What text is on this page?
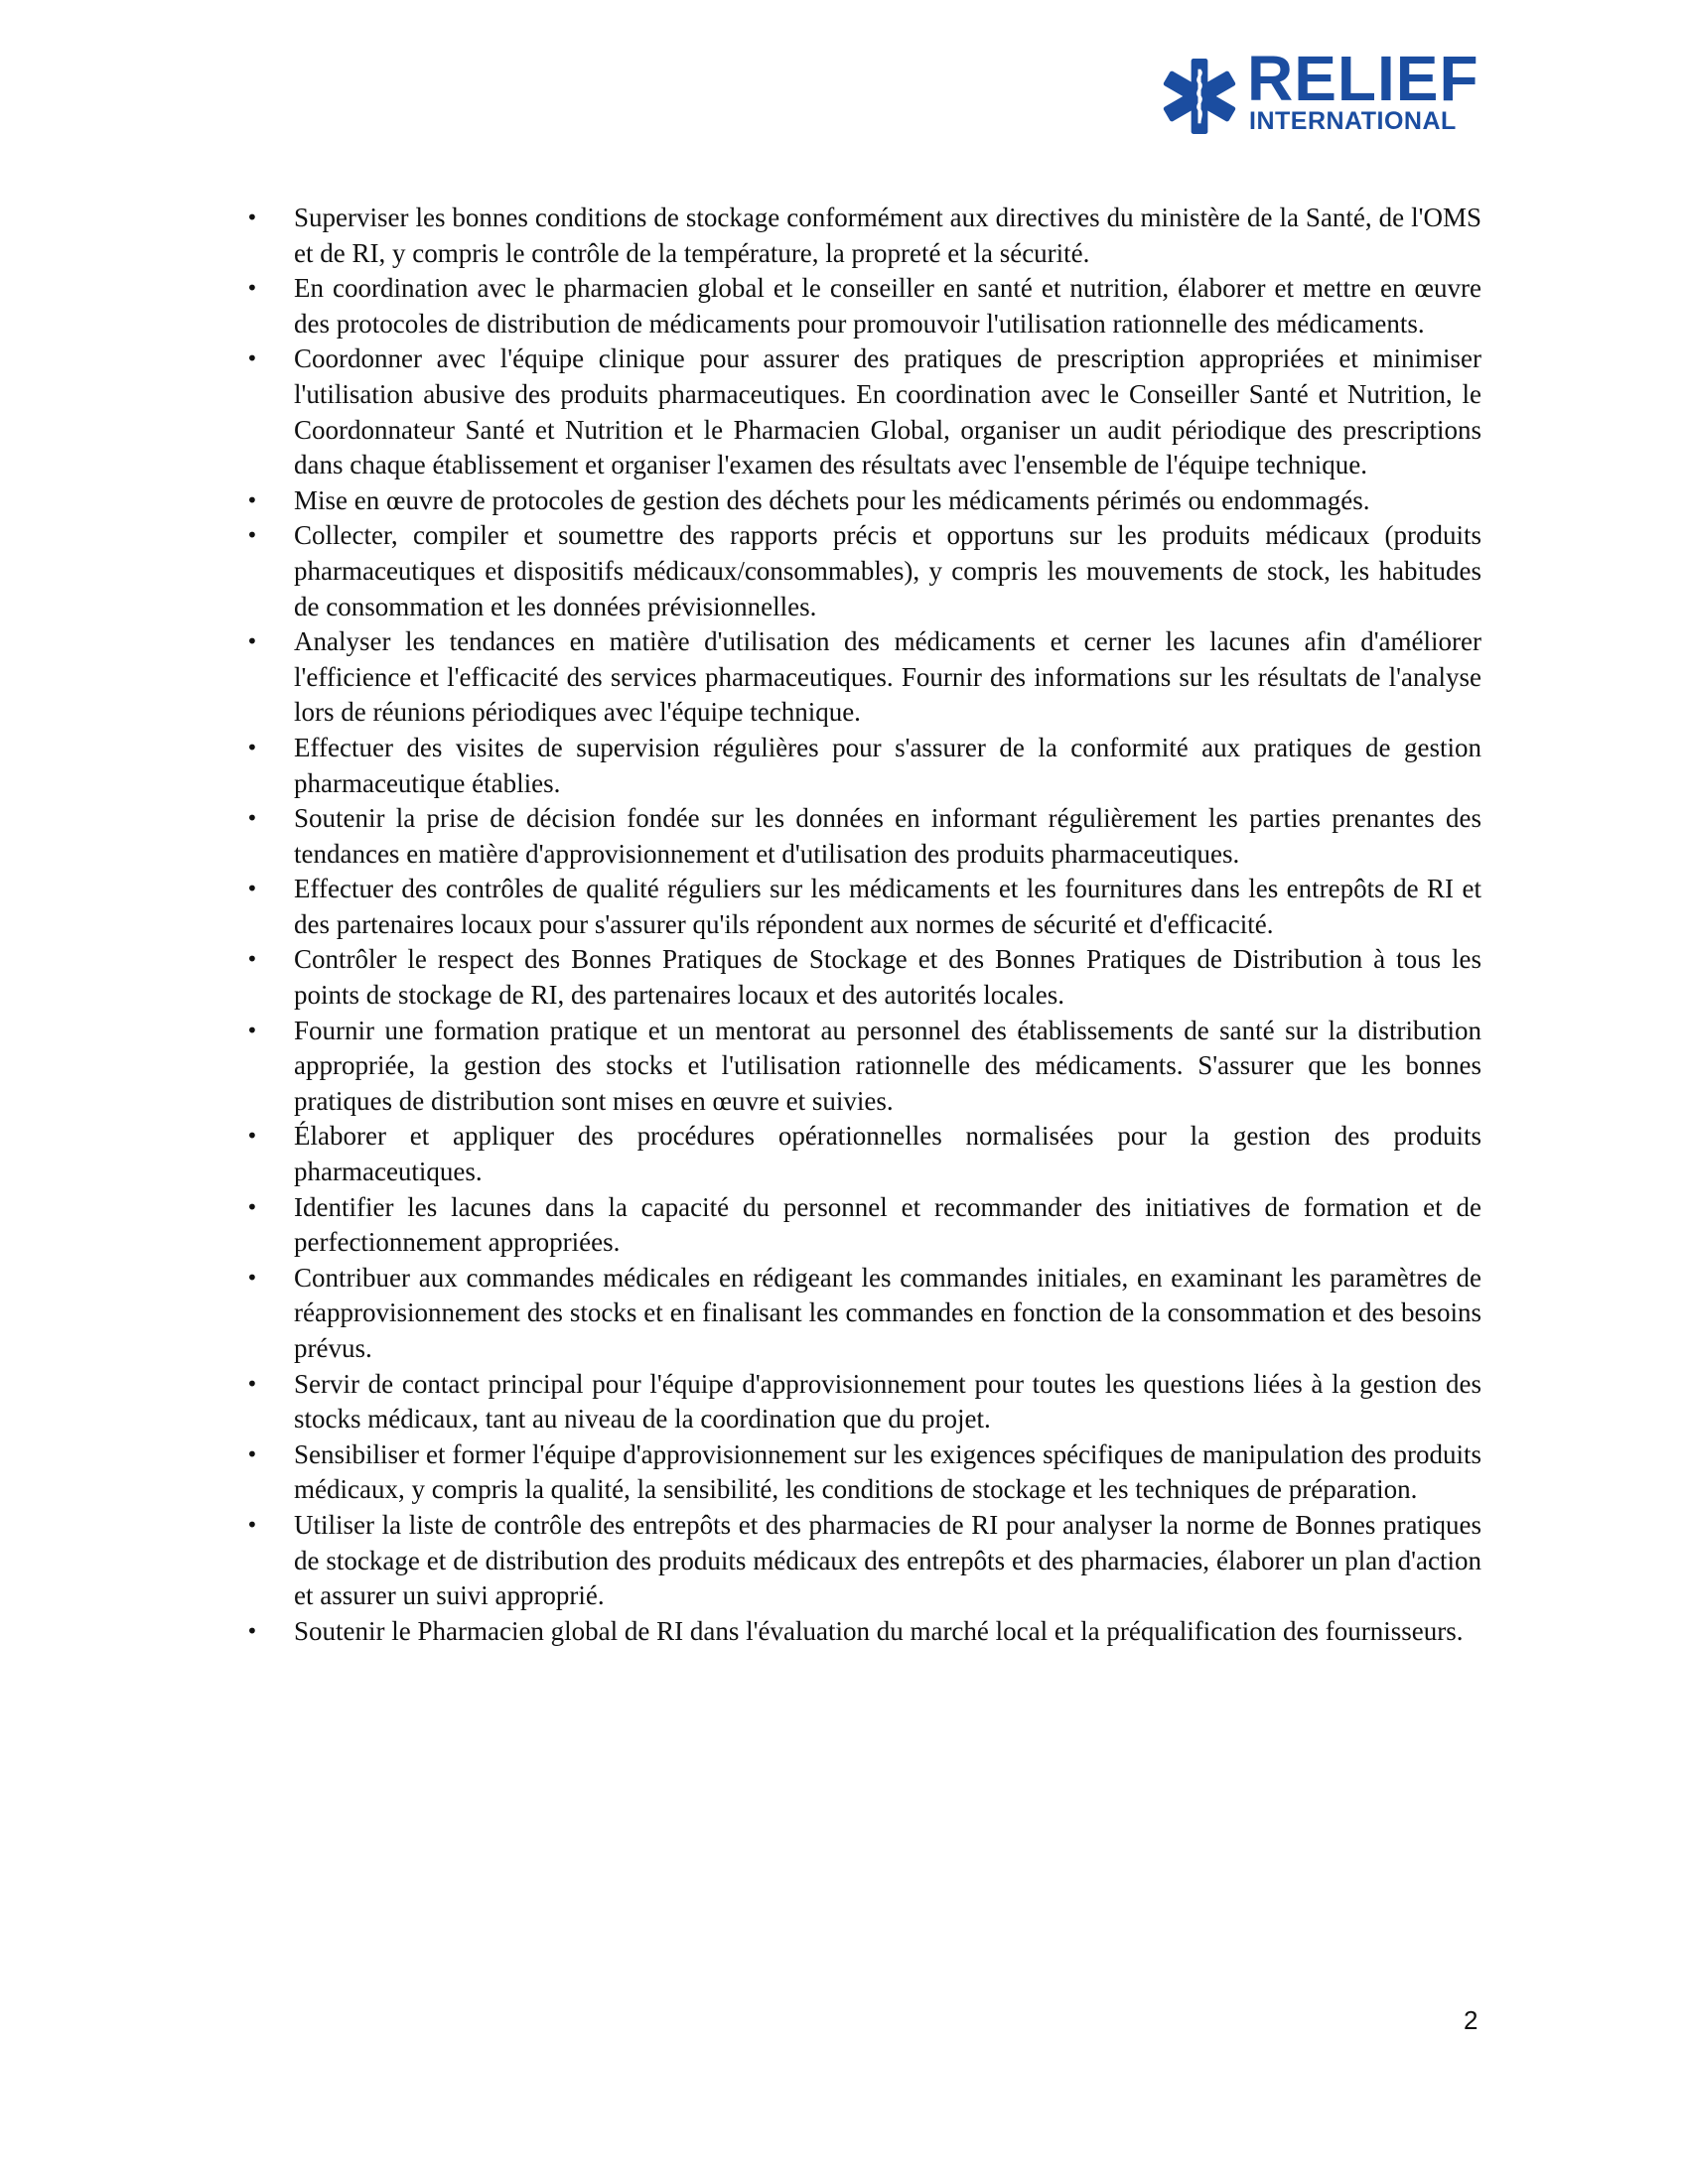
RELIEF
INTERNATIONAL
• Superviser les bonnes conditions de stockage conformément aux directives du ministère de la Santé, de l'OMS et de RI, y compris le contrôle de la température, la propreté et la sécurité.
• En coordination avec le pharmacien global et le conseiller en santé et nutrition, élaborer et mettre en œuvre des protocoles de distribution de médicaments pour promouvoir l'utilisation rationnelle des médicaments.
• Coordonner avec l'équipe clinique pour assurer des pratiques de prescription appropriées et minimiser l'utilisation abusive des produits pharmaceutiques. En coordination avec le Conseiller Santé et Nutrition, le Coordonnateur Santé et Nutrition et le Pharmacien Global, organiser un audit périodique des prescriptions dans chaque établissement et organiser l'examen des résultats avec l'ensemble de l'équipe technique.
• Mise en œuvre de protocoles de gestion des déchets pour les médicaments périmés ou endommagés.
• Collecter, compiler et soumettre des rapports précis et opportuns sur les produits médicaux (produits pharmaceutiques et dispositifs médicaux/consommables), y compris les mouvements de stock, les habitudes de consommation et les données prévisionnelles.
• Analyser les tendances en matière d'utilisation des médicaments et cerner les lacunes afin d'améliorer l'efficience et l'efficacité des services pharmaceutiques. Fournir des informations sur les résultats de l'analyse lors de réunions périodiques avec l'équipe technique.
• Effectuer des visites de supervision régulières pour s'assurer de la conformité aux pratiques de gestion pharmaceutique établies.
• Soutenir la prise de décision fondée sur les données en informant régulièrement les parties prenantes des tendances en matière d'approvisionnement et d'utilisation des produits pharmaceutiques.
• Effectuer des contrôles de qualité réguliers sur les médicaments et les fournitures dans les entrepôts de RI et des partenaires locaux pour s'assurer qu'ils répondent aux normes de sécurité et d'efficacité.
• Contrôler le respect des Bonnes Pratiques de Stockage et des Bonnes Pratiques de Distribution à tous les points de stockage de RI, des partenaires locaux et des autorités locales.
• Fournir une formation pratique et un mentorat au personnel des établissements de santé sur la distribution appropriée, la gestion des stocks et l'utilisation rationnelle des médicaments. S'assurer que les bonnes pratiques de distribution sont mises en œuvre et suivies.
• Élaborer et appliquer des procédures opérationnelles normalisées pour la gestion des produits pharmaceutiques.
• Identifier les lacunes dans la capacité du personnel et recommander des initiatives de formation et de perfectionnement appropriées.
• Contribuer aux commandes médicales en rédigeant les commandes initiales, en examinant les paramètres de réapprovisionnement des stocks et en finalisant les commandes en fonction de la consommation et des besoins prévus.
• Servir de contact principal pour l'équipe d'approvisionnement pour toutes les questions liées à la gestion des stocks médicaux, tant au niveau de la coordination que du projet.
• Sensibiliser et former l'équipe d'approvisionnement sur les exigences spécifiques de manipulation des produits médicaux, y compris la qualité, la sensibilité, les conditions de stockage et les techniques de préparation.
• Utiliser la liste de contrôle des entrepôts et des pharmacies de RI pour analyser la norme de Bonnes pratiques de stockage et de distribution des produits médicaux des entrepôts et des pharmacies, élaborer un plan d'action et assurer un suivi approprié.
• Soutenir le Pharmacien global de RI dans l'évaluation du marché local et la préqualification des fournisseurs.
2
